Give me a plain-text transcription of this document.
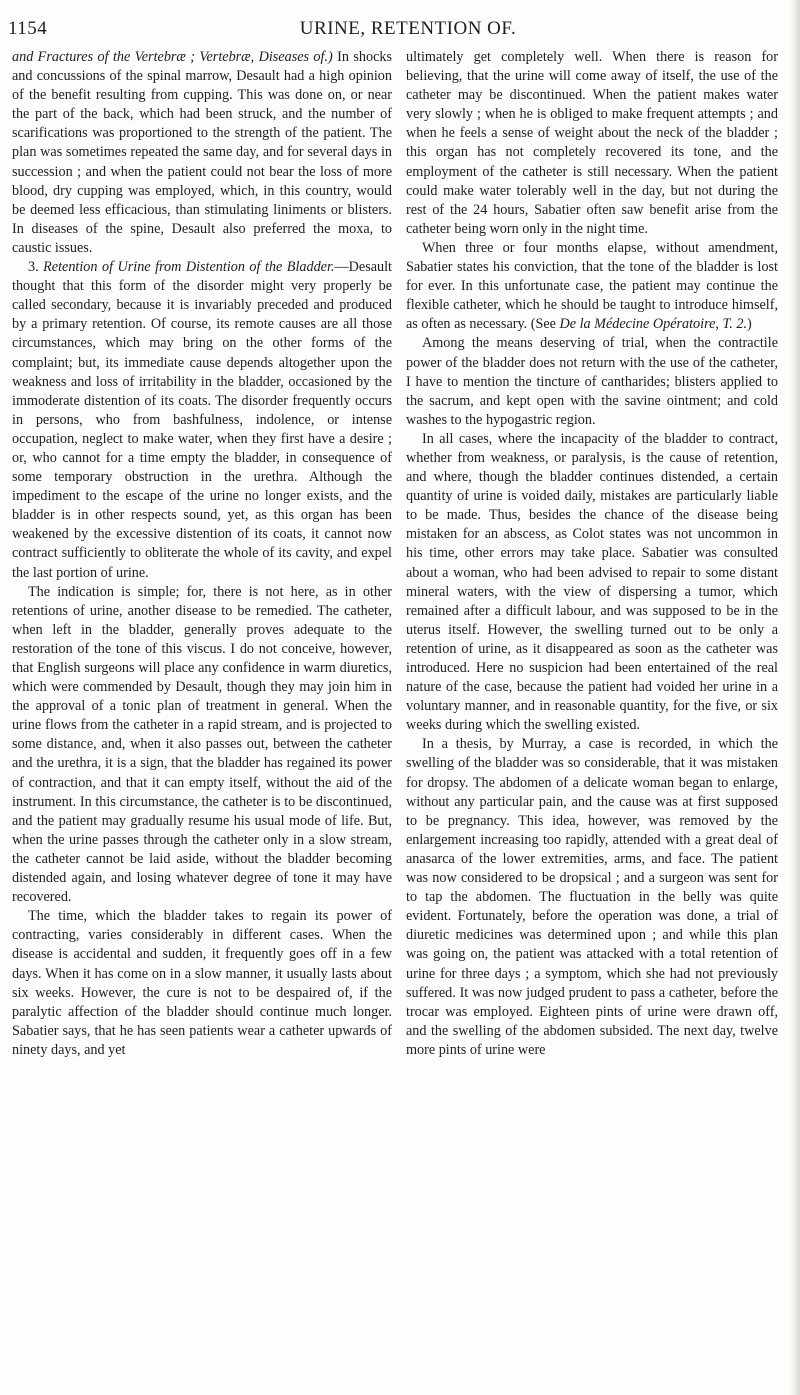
1154	URINE, RETENTION OF.

and Fractures of the Vertebræ ; Vertebræ, Diseases of.) In shocks and concussions of the spinal marrow, Desault had a high opinion of the benefit resulting from cupping. This was done on, or near the part of the back, which had been struck, and the number of scarifications was proportioned to the strength of the patient. The plan was sometimes repeated the same day, and for several days in succession ; and when the patient could not bear the loss of more blood, dry cupping was employed, which, in this country, would be deemed less efficacious, than stimulating liniments or blisters. In diseases of the spine, Desault also preferred the moxa, to caustic issues.

3. Retention of Urine from Distention of the Bladder.—Desault thought that this form of the disorder might very properly be called secondary, because it is invariably preceded and produced by a primary retention. Of course, its remote causes are all those circumstances, which may bring on the other forms of the complaint; but, its immediate cause depends altogether upon the weakness and loss of irritability in the bladder, occasioned by the immoderate distention of its coats. The disorder frequently occurs in persons, who from bashfulness, indolence, or intense occupation, neglect to make water, when they first have a desire ; or, who cannot for a time empty the bladder, in consequence of some temporary obstruction in the urethra. Although the impediment to the escape of the urine no longer exists, and the bladder is in other respects sound, yet, as this organ has been weakened by the excessive distention of its coats, it cannot now contract sufficiently to obliterate the whole of its cavity, and expel the last portion of urine.

The indication is simple; for, there is not here, as in other retentions of urine, another disease to be remedied. The catheter, when left in the bladder, generally proves adequate to the restoration of the tone of this viscus. I do not conceive, however, that English surgeons will place any confidence in warm diuretics, which were commended by Desault, though they may join him in the approval of a tonic plan of treatment in general. When the urine flows from the catheter in a rapid stream, and is projected to some distance, and, when it also passes out, between the catheter and the urethra, it is a sign, that the bladder has regained its power of contraction, and that it can empty itself, without the aid of the instrument. In this circumstance, the catheter is to be discontinued, and the patient may gradually resume his usual mode of life. But, when the urine passes through the catheter only in a slow stream, the catheter cannot be laid aside, without the bladder becoming distended again, and losing whatever degree of tone it may have recovered.

The time, which the bladder takes to regain its power of contracting, varies considerably in different cases. When the disease is accidental and sudden, it frequently goes off in a few days. When it has come on in a slow manner, it usually lasts about six weeks. However, the cure is not to be despaired of, if the paralytic affection of the bladder should continue much longer. Sabatier says, that he has seen patients wear a catheter upwards of ninety days, and yet

ultimately get completely well. When there is reason for believing, that the urine will come away of itself, the use of the catheter may be discontinued. When the patient makes water very slowly ; when he is obliged to make frequent attempts ; and when he feels a sense of weight about the neck of the bladder ; this organ has not completely recovered its tone, and the employment of the catheter is still necessary. When the patient could make water tolerably well in the day, but not during the rest of the 24 hours, Sabatier often saw benefit arise from the catheter being worn only in the night time.

When three or four months elapse, without amendment, Sabatier states his conviction, that the tone of the bladder is lost for ever. In this unfortunate case, the patient may continue the flexible catheter, which he should be taught to introduce himself, as often as necessary. (See De la Médecine Opératoire, T. 2.)

Among the means deserving of trial, when the contractile power of the bladder does not return with the use of the catheter, I have to mention the tincture of cantharides; blisters applied to the sacrum, and kept open with the savine ointment; and cold washes to the hypogastric region.

In all cases, where the incapacity of the bladder to contract, whether from weakness, or paralysis, is the cause of retention, and where, though the bladder continues distended, a certain quantity of urine is voided daily, mistakes are particularly liable to be made. Thus, besides the chance of the disease being mistaken for an abscess, as Colot states was not uncommon in his time, other errors may take place. Sabatier was consulted about a woman, who had been advised to repair to some distant mineral waters, with the view of dispersing a tumor, which remained after a difficult labour, and was supposed to be in the uterus itself. However, the swelling turned out to be only a retention of urine, as it disappeared as soon as the catheter was introduced. Here no suspicion had been entertained of the real nature of the case, because the patient had voided her urine in a voluntary manner, and in reasonable quantity, for the five, or six weeks during which the swelling existed.

In a thesis, by Murray, a case is recorded, in which the swelling of the bladder was so considerable, that it was mistaken for dropsy. The abdomen of a delicate woman began to enlarge, without any particular pain, and the cause was at first supposed to be pregnancy. This idea, however, was removed by the enlargement increasing too rapidly, attended with a great deal of anasarca of the lower extremities, arms, and face. The patient was now considered to be dropsical ; and a surgeon was sent for to tap the abdomen. The fluctuation in the belly was quite evident. Fortunately, before the operation was done, a trial of diuretic medicines was determined upon ; and while this plan was going on, the patient was attacked with a total retention of urine for three days ; a symptom, which she had not previously suffered. It was now judged prudent to pass a catheter, before the trocar was employed. Eighteen pints of urine were drawn off, and the swelling of the abdomen subsided. The next day, twelve more pints of urine were
